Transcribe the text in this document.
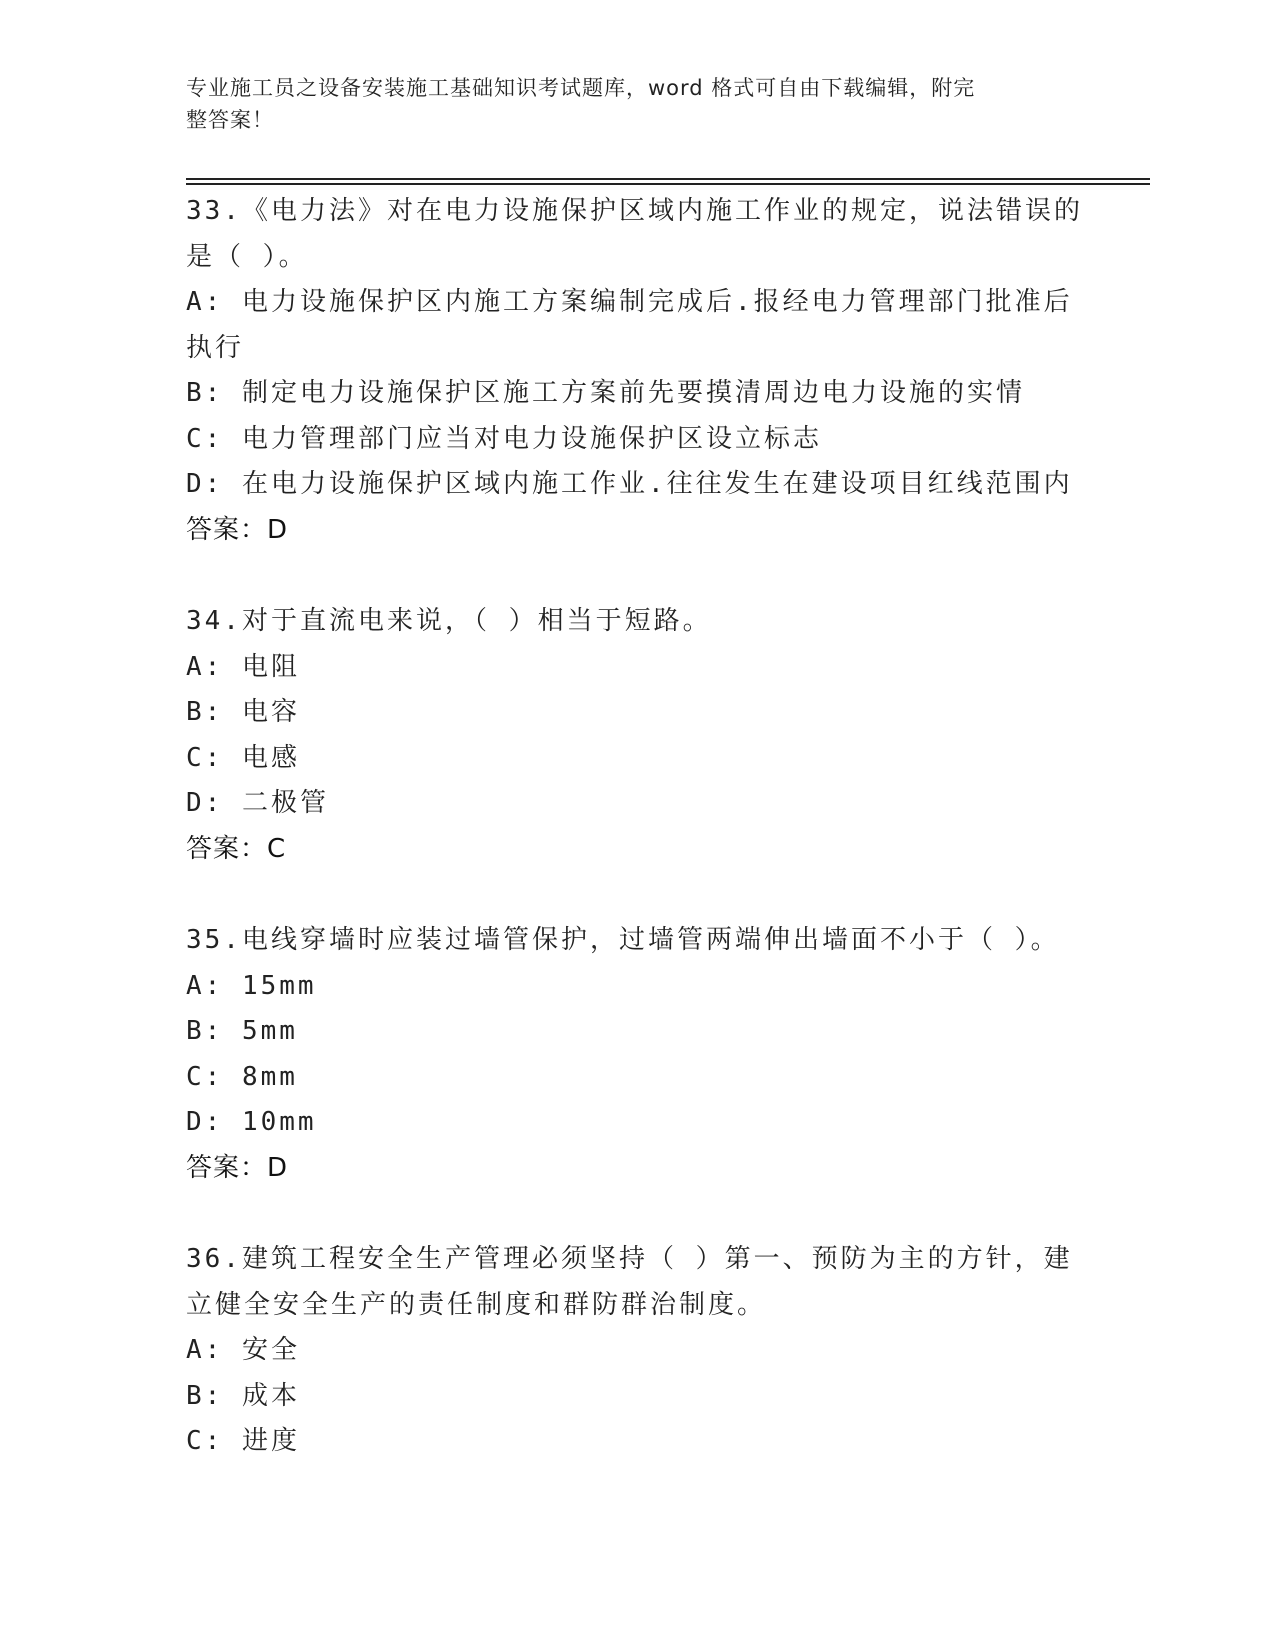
专业施工员之设备安装施工基础知识考试题库，word 格式可自由下载编辑，附完
整答案！
33.《电力法》对在电力设施保护区域内施工作业的规定，说法错误的
是（ ）。
A: 电力设施保护区内施工方案编制完成后.报经电力管理部门批准后
执行
B: 制定电力设施保护区施工方案前先要摸清周边电力设施的实情
C: 电力管理部门应当对电力设施保护区设立标志
D: 在电力设施保护区域内施工作业.往往发生在建设项目红线范围内
答案：D
34.对于直流电来说，（ ）相当于短路。
A: 电阻
B: 电容
C: 电感
D: 二极管
答案：C
35.电线穿墙时应装过墙管保护，过墙管两端伸出墙面不小于（ ）。
A: 15mm
B: 5mm
C: 8mm
D: 10mm
答案：D
36.建筑工程安全生产管理必须坚持（ ）第一、预防为主的方针，建
立健全安全生产的责任制度和群防群治制度。
A: 安全
B: 成本
C: 进度
